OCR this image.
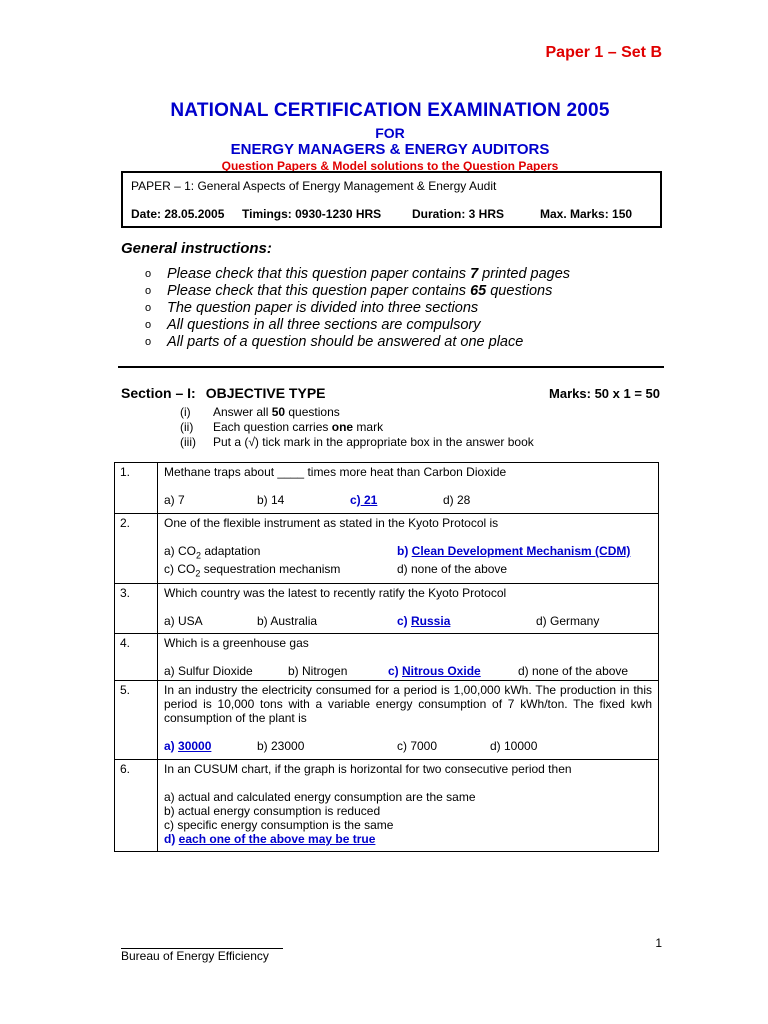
Paper 1 – Set B
NATIONAL CERTIFICATION EXAMINATION 2005
FOR
ENERGY MANAGERS & ENERGY AUDITORS
Question Papers & Model solutions to the Question Papers
PAPER – 1: General Aspects of Energy Management & Energy Audit
Date: 28.05.2005	Timings: 0930-1230 HRS	Duration: 3 HRS	Max. Marks: 150
General instructions:
o Please check that this question paper contains 7 printed pages
o Please check that this question paper contains 65 questions
o The question paper is divided into three sections
o All questions in all three sections are compulsory
o All parts of a question should be answered at one place
Section – I: OBJECTIVE TYPE	Marks: 50 x 1 = 50
(i)	Answer all 50 questions
(ii)	Each question carries one mark
(iii)	Put a (√) tick mark in the appropriate box in the answer book
1.	Methane traps about ____ times more heat than Carbon Dioxide
a) 7 b) 14 c) 21 d) 28

2.	One of the flexible instrument as stated in the Kyoto Protocol is
a) $CO_2$ adaptation b) Clean Development Mechanism (CDM)
c) $CO_2$ sequestration mechanism d) none of the above

3.	Which country was the latest to recently ratify the Kyoto Protocol
a) USA b) Australia c) Russia d) Germany

4.	Which is a greenhouse gas
a) Sulfur Dioxide b) Nitrogen c) Nitrous Oxide d) none of the above

5.	In an industry the electricity consumed for a period is 1,00,000 kWh. The production in this period is 10,000 tons with a variable energy consumption of 7 kWh/ton. The fixed kwh consumption of the plant is
a) 30000 b) 23000 c) 7000 d) 10000

6.	In an CUSUM chart, if the graph is horizontal for two consecutive period then
a) actual and calculated energy consumption are the same
b) actual energy consumption is reduced
c) specific energy consumption is the same
d) each one of the above may be true
1
Bureau of Energy Efficiency
